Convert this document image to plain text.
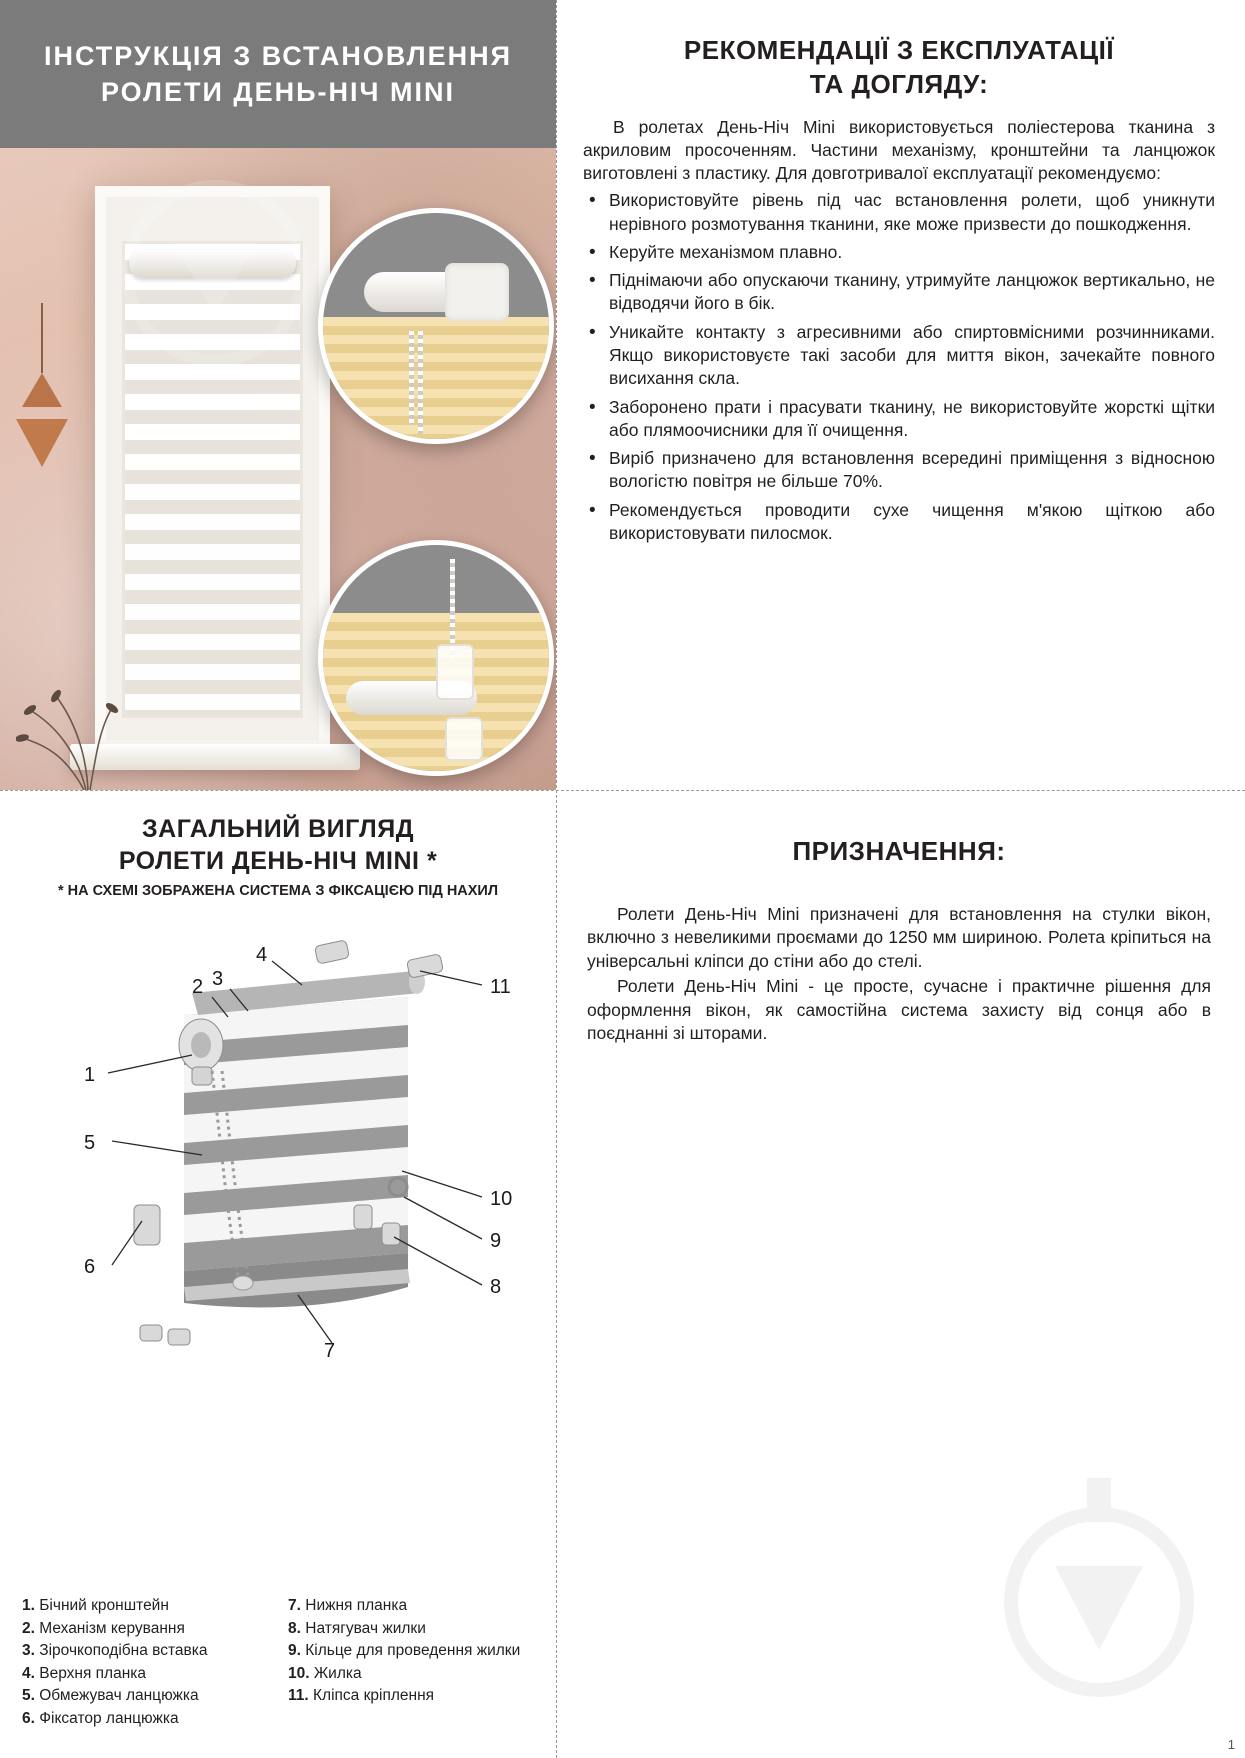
ІНСТРУКЦІЯ З ВСТАНОВЛЕННЯ
РОЛЕТИ ДЕНЬ-НІЧ MINI
РЕКОМЕНДАЦІЇ З ЕКСПЛУАТАЦІЇ
ТА ДОГЛЯДУ:

В ролетах День-Ніч Mini використовується поліестерова тканина з акриловим просоченням. Частини механізму, кронштейни та ланцюжок виготовлені з пластику. Для довготривалої експлуатації рекомендуємо:

• Використовуйте рівень під час встановлення ролети, щоб уникнути нерівного розмотування тканини, яке може призвести до пошкодження.
• Керуйте механізмом плавно.
• Піднімаючи або опускаючи тканину, утримуйте ланцюжок вертикально, не відводячи його в бік.
• Уникайте контакту з агресивними або спиртовмісними розчинниками. Якщо використовуєте такі засоби для миття вікон, зачекайте повного висихання скла.
• Заборонено прати і прасувати тканину, не використовуйте жорсткі щітки або плямоочисники для її очищення.
• Виріб призначено для встановлення всередині приміщення з відносною вологістю повітря не більше 70%.
• Рекомендується проводити сухе чищення м'якою щіткою або використовувати пилосмок.
ЗАГАЛЬНИЙ ВИГЛЯД
РОЛЕТИ ДЕНЬ-НІЧ MINI *

* НА СХЕМІ ЗОБРАЖЕНА СИСТЕМА З ФІКСАЦІЄЮ ПІД НАХИЛ

1
2 3
4
5
6
7
8
9
10
11
1. Бічний кронштейн
2. Механізм керування
3. Зірочкоподібна вставка
4. Верхня планка
5. Обмежувач ланцюжка
6. Фіксатор ланцюжка
7. Нижня планка
8. Натягувач жилки
9. Кільце для проведення жилки
10. Жилка
11. Кліпса кріплення
ПРИЗНАЧЕННЯ:

Ролети День-Ніч Mini призначені для встановлення на стулки вікон, включно з невеликими проємами до 1250 мм шириною. Ролета кріпиться на універсальні кліпси до стіни або до стелі.

Ролети День-Ніч Mini - це просте, сучасне і практичне рішення для оформлення вікон, як самостійна система захисту від сонця або в поєднанні зі шторами.

1
